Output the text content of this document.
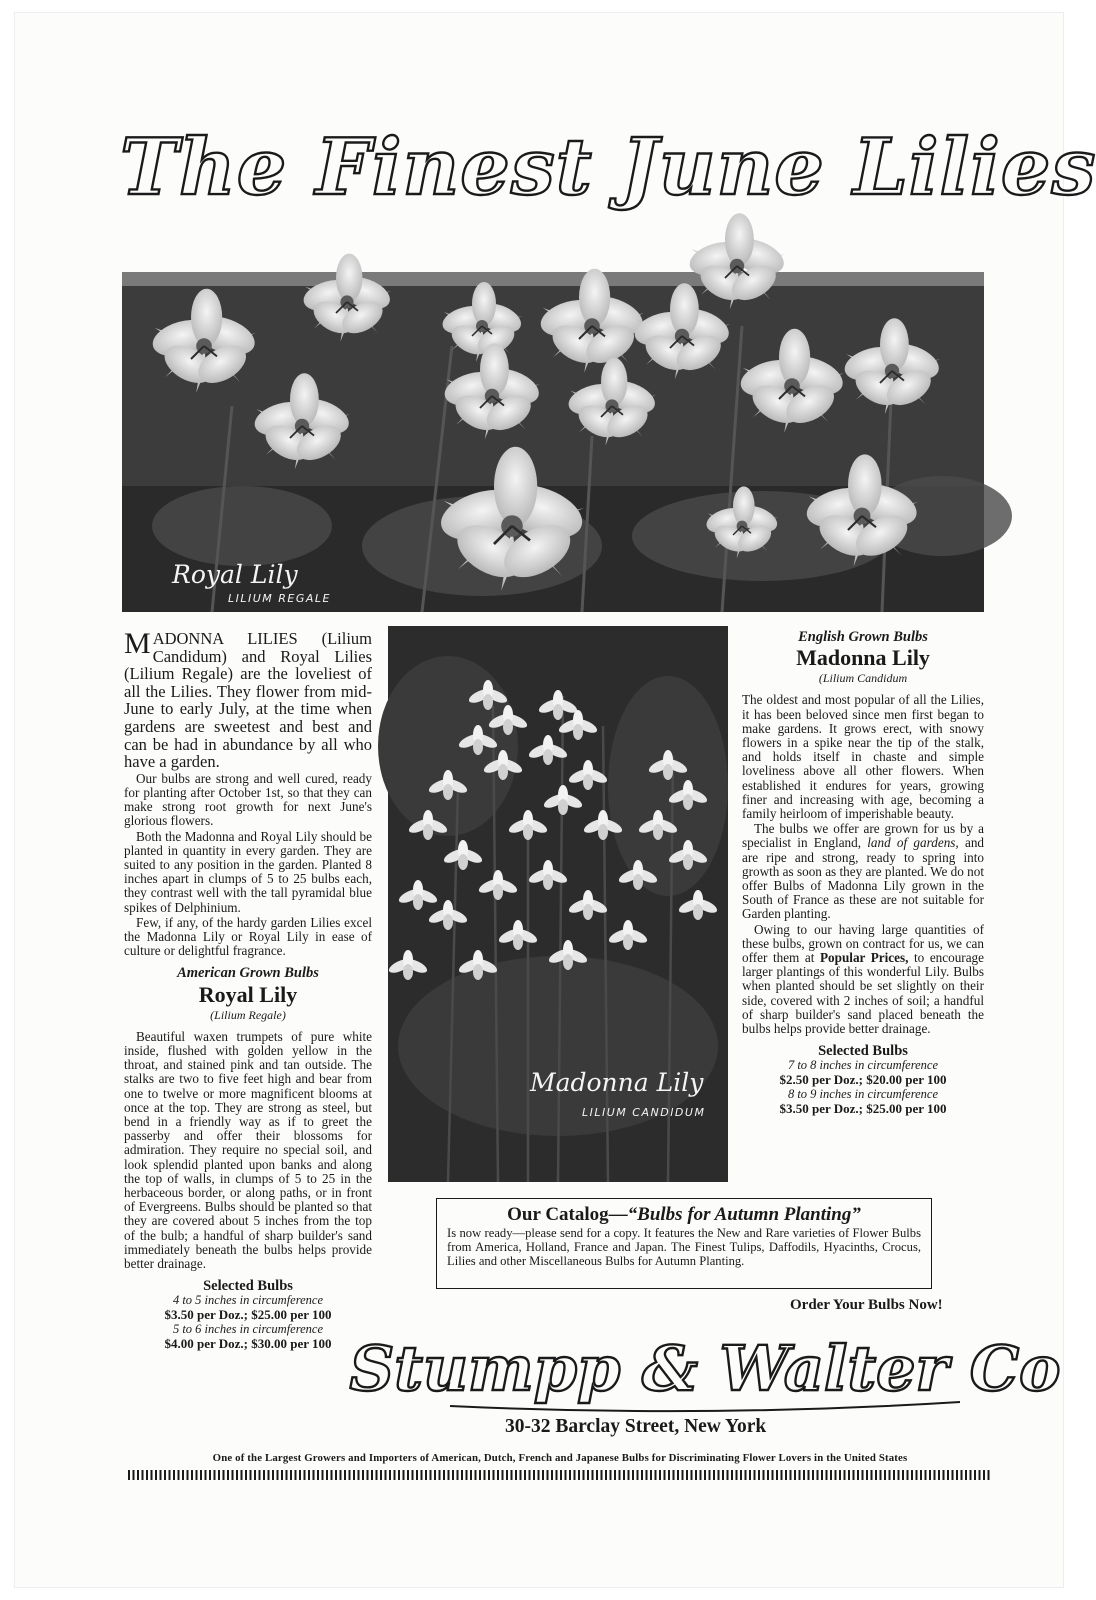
The Finest June Lilies
Royal Lily
LILIUM REGALE
Madonna Lily
LILIUM CANDIDUM

MADONNA LILIES (Lilium Candidum) and Royal Lilies (Lilium Regale) are the loveliest of all the Lilies. They flower from mid-June to early July, at the time when gardens are sweetest and best and can be had in abundance by all who have a garden.

Our bulbs are strong and well cured, ready for planting after October 1st, so that they can make strong root growth for next June's glorious flowers.

Both the Madonna and Royal Lily should be planted in quantity in every garden. They are suited to any position in the garden. Planted 8 inches apart in clumps of 5 to 25 bulbs each, they contrast well with the tall pyramidal blue spikes of Delphinium.

Few, if any, of the hardy garden Lilies excel the Madonna Lily or Royal Lily in ease of culture or delightful fragrance.

American Grown Bulbs
Royal Lily
(Lilium Regale)

Beautiful waxen trumpets of pure white inside, flushed with golden yellow in the throat, and stained pink and tan outside. The stalks are two to five feet high and bear from one to twelve or more magnificent blooms at once at the top. They are strong as steel, but bend in a friendly way as if to greet the passerby and offer their blossoms for admiration. They require no special soil, and look splendid planted upon banks and along the top of walls, in clumps of 5 to 25 in the herbaceous border, or along paths, or in front of Evergreens. Bulbs should be planted so that they are covered about 5 inches from the top of the bulb; a handful of sharp builder's sand immediately beneath the bulbs helps provide better drainage.

Selected Bulbs
4 to 5 inches in circumference
$3.50 per Doz.; $25.00 per 100
5 to 6 inches in circumference
$4.00 per Doz.; $30.00 per 100
English Grown Bulbs
Madonna Lily
(Lilium Candidum

The oldest and most popular of all the Lilies, it has been beloved since men first began to make gardens. It grows erect, with snowy flowers in a spike near the tip of the stalk, and holds itself in chaste and simple loveliness above all other flowers. When established it endures for years, growing finer and increasing with age, becoming a family heirloom of imperishable beauty.

The bulbs we offer are grown for us by a specialist in England, land of gardens, and are ripe and strong, ready to spring into growth as soon as they are planted. We do not offer Bulbs of Madonna Lily grown in the South of France as these are not suitable for Garden planting.

Owing to our having large quantities of these bulbs, grown on contract for us, we can offer them at Popular Prices, to encourage larger plantings of this wonderful Lily. Bulbs when planted should be set slightly on their side, covered with 2 inches of soil; a handful of sharp builder's sand placed beneath the bulbs helps provide better drainage.

Selected Bulbs
7 to 8 inches in circumference
$2.50 per Doz.; $20.00 per 100
8 to 9 inches in circumference
$3.50 per Doz.; $25.00 per 100
Our Catalog—“Bulbs for Autumn Planting”
Is now ready—please send for a copy. It features the New and Rare varieties of Flower Bulbs from America, Holland, France and Japan. The Finest Tulips, Daffodils, Hyacinths, Crocus, Lilies and other Miscellaneous Bulbs for Autumn Planting.
Order Your Bulbs Now!
Stumpp & Walter Co
30-32 Barclay Street, New York
One of the Largest Growers and Importers of American, Dutch, French and Japanese Bulbs for Discriminating Flower Lovers in the United States
